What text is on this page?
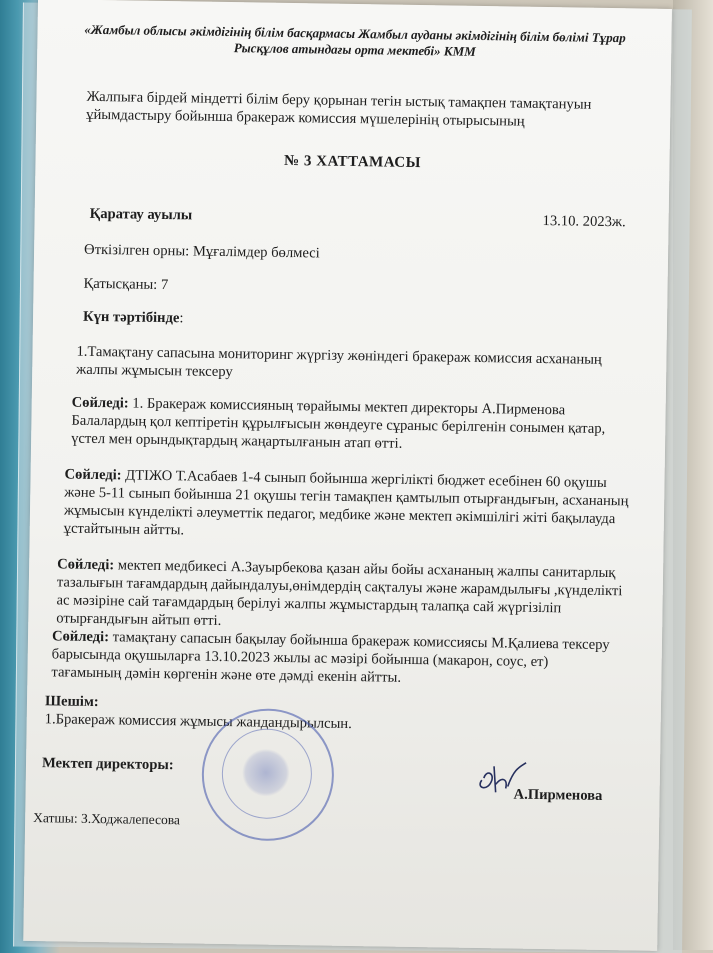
«Жамбыл облысы әкімдігінің білім басқармасы Жамбыл ауданы әкімдігінің білім бөлімі Тұрар Рысқұлов атындағы орта мектебі» КММ
Жалпыға бірдей міндетті білім беру қорынан тегін ыстық тамақпен тамақтануын ұйымдастыру бойынша бракераж комиссия мүшелерінің отырысының
№ 3 ХАТТАМАСЫ
Қаратау ауылы	13.10. 2023ж.
Өткізілген орны: Мұғалімдер бөлмесі
Қатысқаны: 7
Күн тәртібінде:
1.Тамақтану сапасына мониторинг жүргізу жөніндегі бракераж комиссия асхананың жалпы жұмысын тексеру
Сөйледі: 1. Бракераж комиссияның төрайымы мектеп директоры А.Пирменова Балалардың қол кептіретін құрылғысын жөндеуге сұраныс берілгенін сонымен қатар, үстел мен орындықтардың жаңартылғанын атап өтті.
Сөйледі: ДТІЖО Т.Асабаев 1-4 сынып бойынша жергілікті бюджет есебінен 60 оқушы және 5-11 сынып бойынша 21 оқушы тегін тамақпен қамтылып отырғандығын, асхананың жұмысын күнделікті әлеуметтік педагог, медбике және мектеп әкімшілігі жіті бақылауда ұстайтынын айтты.
Сөйледі: мектеп медбикесі А.Зауырбекова қазан айы бойы асхананың жалпы санитарлық тазалығын тағамдардың дайындалуы,өнімдердің сақталуы және жарамдылығы ,күнделікті ас мәзіріне сай тағамдардың берілуі жалпы жұмыстардың талапқа сай жүргізіліп отырғандығын айтып өтті.
Сөйледі: тамақтану сапасын бақылау бойынша бракераж комиссиясы М.Қалиева тексеру барысында оқушыларға 13.10.2023 жылы ас мәзірі бойынша (макарон, соус, ет) тағамының дәмін көргенін және өте дәмді екенін айтты.
Шешім:
1.Бракераж комиссия жұмысы жандандырылсын.
Мектеп директоры:
А.Пирменова
Хатшы: З.Ходжалепесова
